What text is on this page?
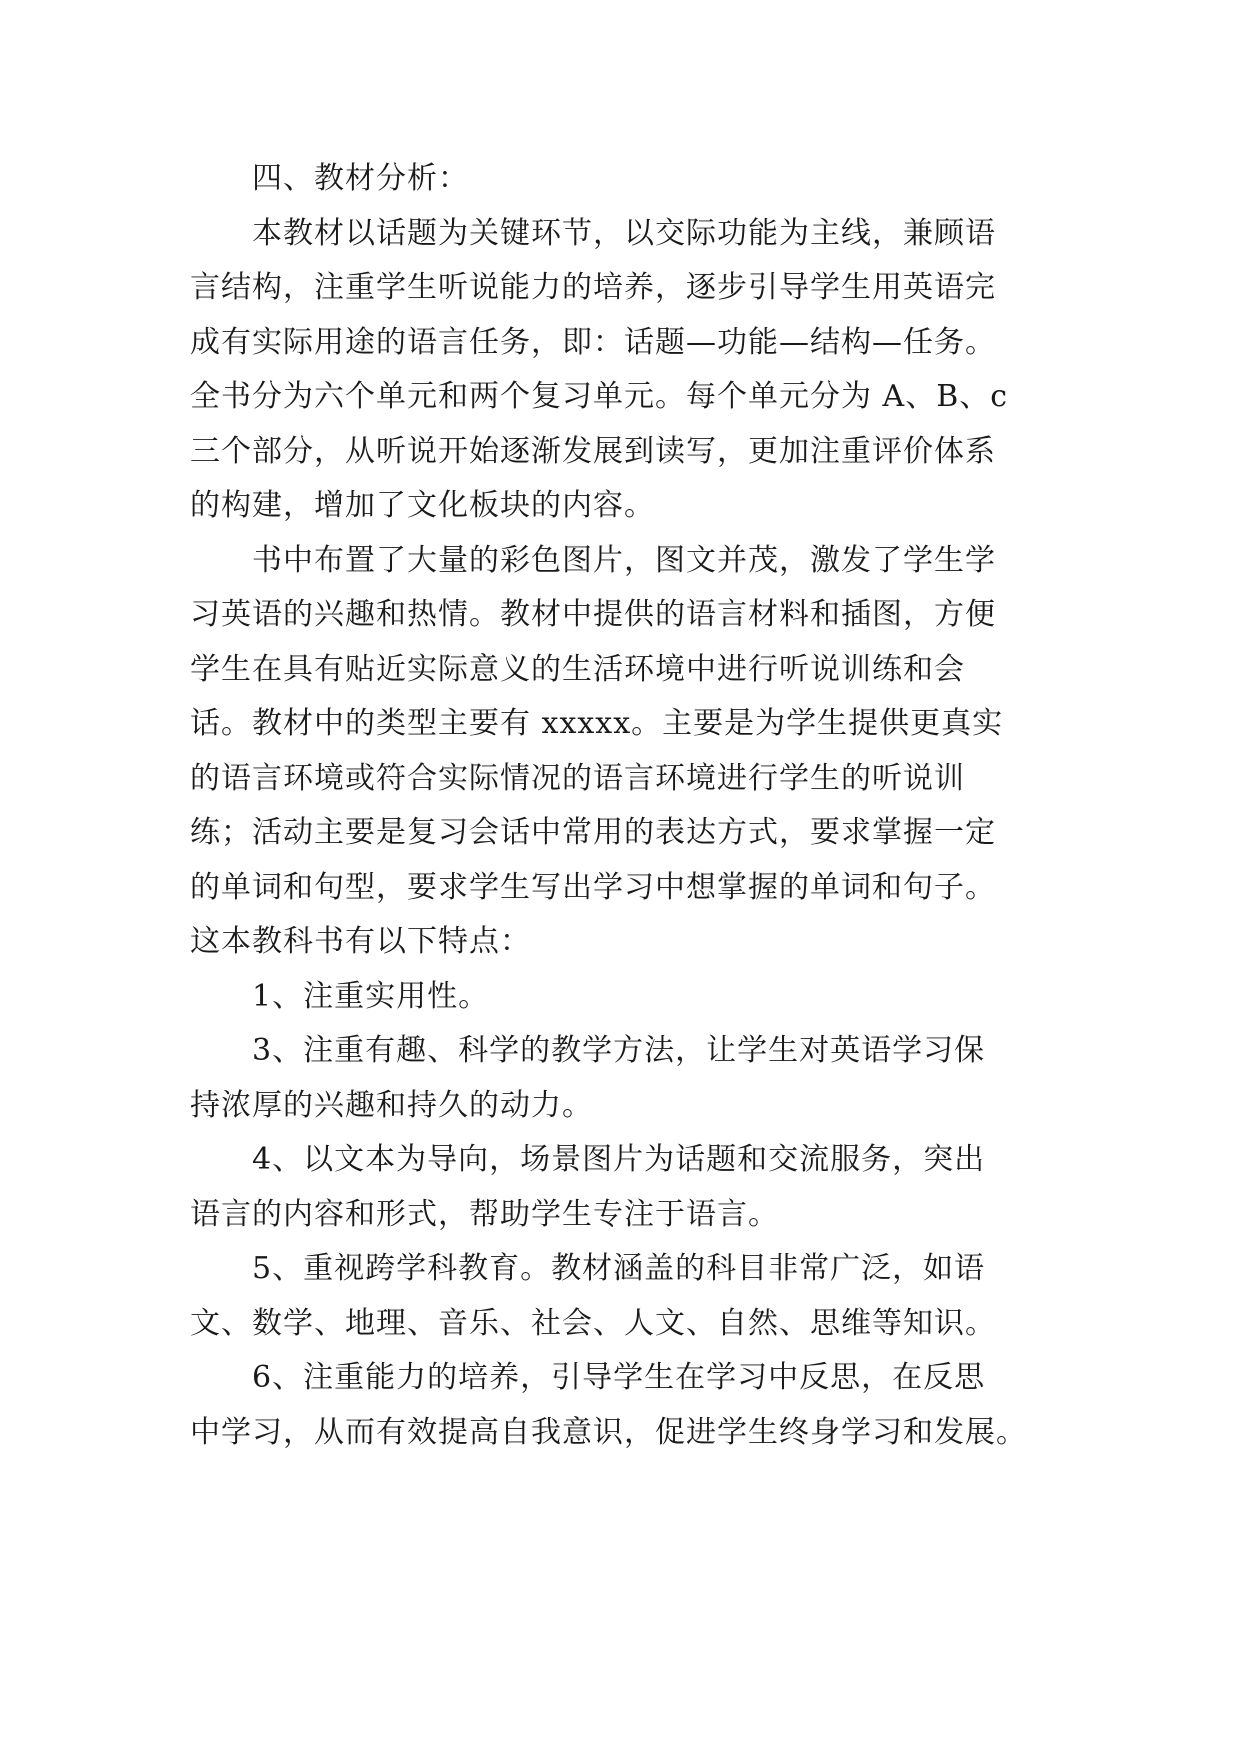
四、教材分析：
本教材以话题为关键环节，以交际功能为主线，兼顾语
言结构，注重学生听说能力的培养，逐步引导学生用英语完
成有实际用途的语言任务，即：话题—功能—结构—任务。
全书分为六个单元和两个复习单元。每个单元分为 A、B、c
三个部分，从听说开始逐渐发展到读写，更加注重评价体系
的构建，增加了文化板块的内容。
书中布置了大量的彩色图片，图文并茂，激发了学生学
习英语的兴趣和热情。教材中提供的语言材料和插图，方便
学生在具有贴近实际意义的生活环境中进行听说训练和会
话。教材中的类型主要有 xxxxx。主要是为学生提供更真实
的语言环境或符合实际情况的语言环境进行学生的听说训
练；活动主要是复习会话中常用的表达方式，要求掌握一定
的单词和句型，要求学生写出学习中想掌握的单词和句子。
这本教科书有以下特点：
1、注重实用性。
3、注重有趣、科学的教学方法，让学生对英语学习保
持浓厚的兴趣和持久的动力。
4、以文本为导向，场景图片为话题和交流服务，突出
语言的内容和形式，帮助学生专注于语言。
5、重视跨学科教育。教材涵盖的科目非常广泛，如语
文、数学、地理、音乐、社会、人文、自然、思维等知识。
6、注重能力的培养，引导学生在学习中反思，在反思
中学习，从而有效提高自我意识，促进学生终身学习和发展。
